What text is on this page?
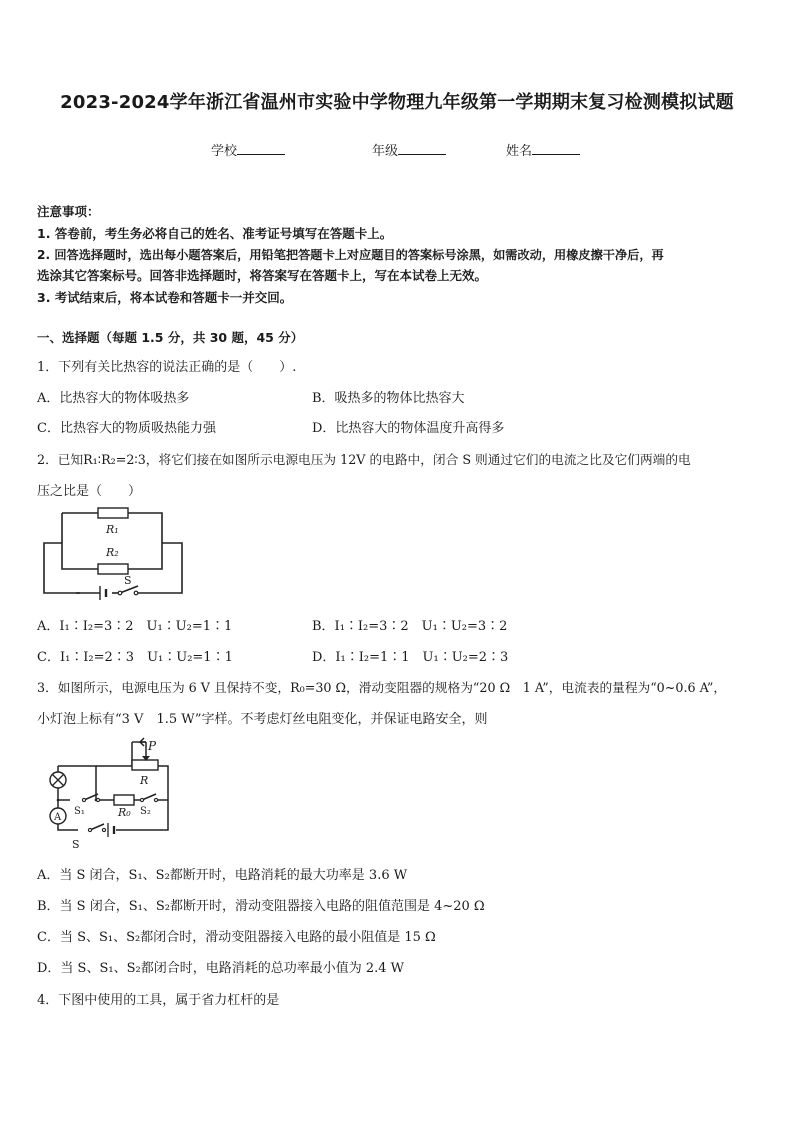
2023-2024学年浙江省温州市实验中学物理九年级第一学期期末复习检测模拟试题
学校	年级	姓名
注意事项：
1. 答卷前，考生务必将自己的姓名、准考证号填写在答题卡上。
2. 回答选择题时，选出每小题答案后，用铅笔把答题卡上对应题目的答案标号涂黑，如需改动，用橡皮擦干净后，再
选涂其它答案标号。回答非选择题时，将答案写在答题卡上，写在本试卷上无效。
3. 考试结束后，将本试卷和答题卡一并交回。
一、选择题（每题 1.5 分，共 30 题，45 分）
1．下列有关比热容的说法正确的是（　　）.
A．比热容大的物体吸热多	B．吸热多的物体比热容大
C．比热容大的物质吸热能力强	D．比热容大的物体温度升高得多
2．已知R₁∶R₂=2∶3，将它们接在如图所示电源电压为 12V 的电路中，闭合 S 则通过它们的电流之比及它们两端的电
压之比是（　　）
R₁
R₂
S
A．I₁∶I₂=3∶2　U₁∶U₂=1∶1	B．I₁∶I₂=3∶2　U₁∶U₂=3∶2
C．I₁∶I₂=2∶3　U₁∶U₂=1∶1	D．I₁∶I₂=1∶1　U₁∶U₂=2∶3
3．如图所示，电源电压为 6 V 且保持不变，R₀=30 Ω，滑动变阻器的规格为“20 Ω　1 A”，电流表的量程为“0~0.6 A”，
小灯泡上标有“3 V　1.5 W”字样。不考虑灯丝电阻变化，并保证电路安全，则
A
P
R
R₀
S₁	S₂
S
A．当 S 闭合，S₁、S₂都断开时，电路消耗的最大功率是 3.6 W
B．当 S 闭合，S₁、S₂都断开时，滑动变阻器接入电路的阻值范围是 4~20 Ω
C．当 S、S₁、S₂都闭合时，滑动变阻器接入电路的最小阻值是 15 Ω
D．当 S、S₁、S₂都闭合时，电路消耗的总功率最小值为 2.4 W
4．下图中使用的工具，属于省力杠杆的是
